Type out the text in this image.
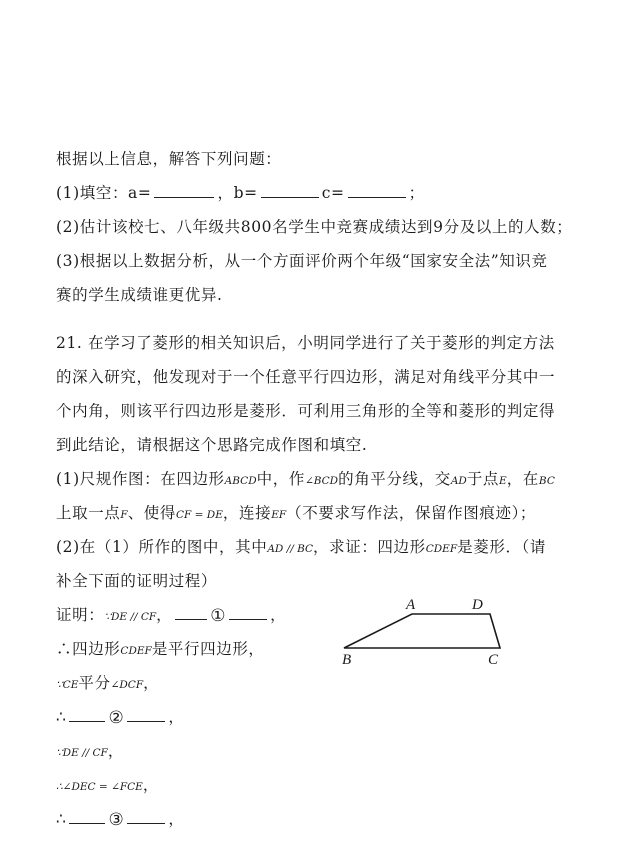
根据以上信息，解答下列问题：
(1)填空：a=	，b=	c=	；
(2)估计该校七、八年级共800名学生中竞赛成绩达到9分及以上的人数；
(3)根据以上数据分析，从一个方面评价两个年级“国家安全法”知识竞
赛的学生成绩谁更优异.
21. 在学习了菱形的相关知识后，小明同学进行了关于菱形的判定方法
的深入研究，他发现对于一个任意平行四边形，满足对角线平分其中一
个内角，则该平行四边形是菱形．可利用三角形的全等和菱形的判定得
到此结论，请根据这个思路完成作图和填空.
(1)尺规作图：在四边形ABCD中，作∠BCD的角平分线，交AD于点E，在BC
上取一点F、使得CF = DE，连接EF（不要求写作法，保留作图痕迹）；
(2)在（1）所作的图中，其中AD // BC，求证：四边形CDEF是菱形．（请
补全下面的证明过程）
证明：∵DE // CF， ①	，
∴四边形CDEF是平行四边形，
∵CE平分∠DCF，
∴ ②	，
∵DE // CF，
∴∠DEC = ∠FCE，
∴ ③	，
A	D
B	C
